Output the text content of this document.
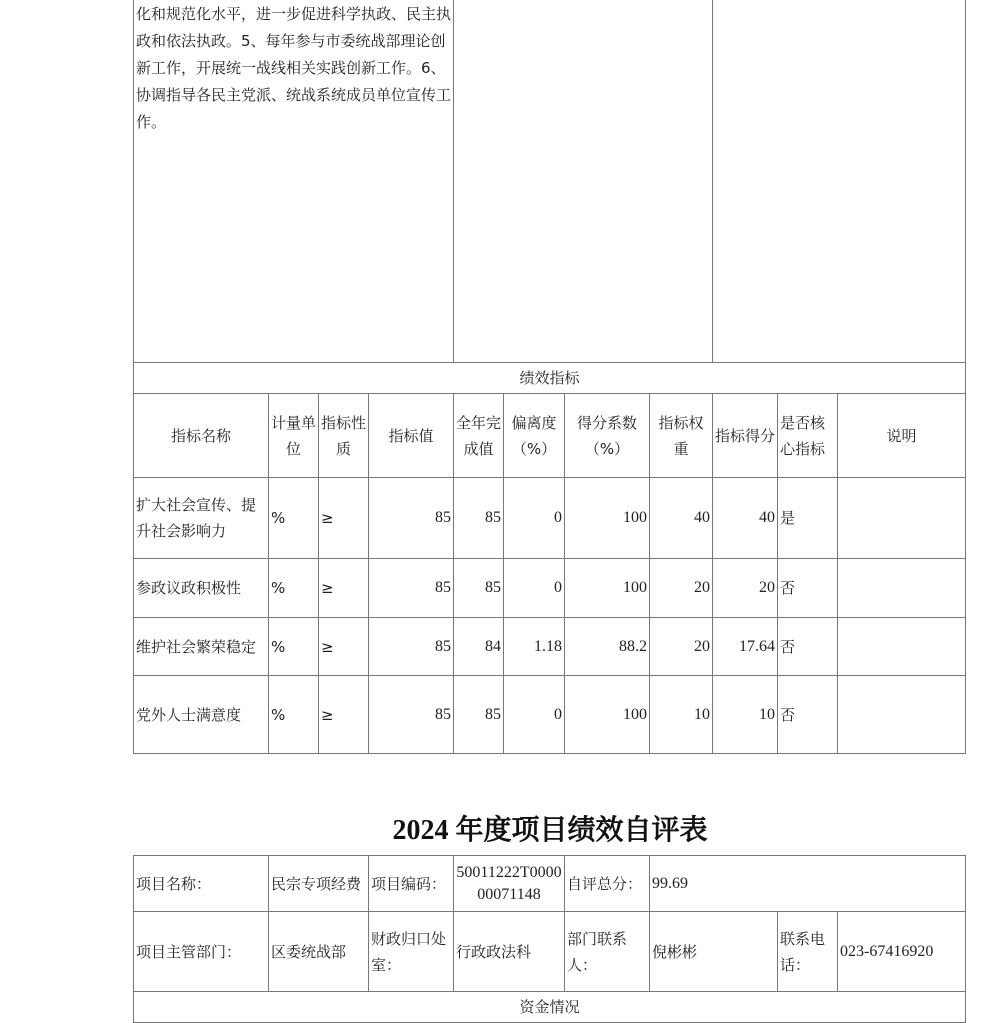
化和规范化水平，进一步促进科学执政、民主执政和依法执政。5、每年参与市委统战部理论创新工作，开展统一战线相关实践创新工作。6、协调指导各民主党派、统战系统成员单位宣传工作。										
绩效指标										
指标名称	计量单位	指标性质	指标值	全年完成值	偏离度（%）	得分系数（%）	指标权重	指标得分	是否核心指标	说明
扩大社会宣传、提升社会影响力	%	≥	85	85	0	100	40	40	是	
参政议政积极性	%	≥	85	85	0	100	20	20	否	
维护社会繁荣稳定	%	≥	85	84	1.18	88.2	20	17.64	否	
党外人士满意度	%	≥	85	85	0	100	10	10	否	
2024 年度项目绩效自评表
项目名称：	民宗专项经费	项目编码：	50011222T000000071148	自评总分：	99.69		
项目主管部门：	区委统战部	财政归口处室：	行政政法科	部门联系人：	倪彬彬	联系电话：	023-67416920
资金情况							
